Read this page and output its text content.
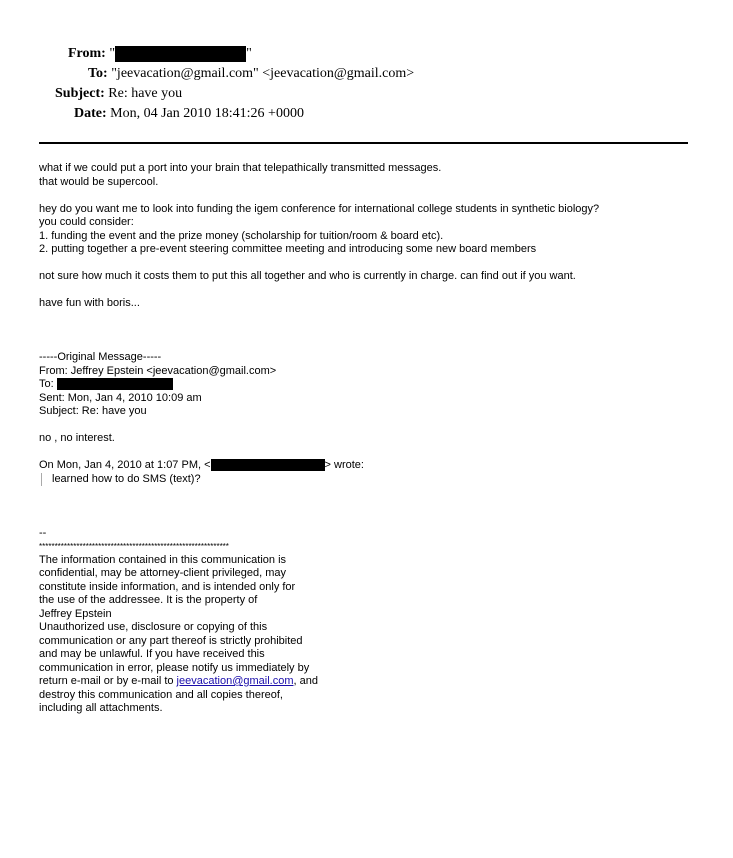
From: "	"
To: "jeevacation@gmail.com" <jeevacation@gmail.com>
Subject: Re: have you
Date: Mon, 04 Jan 2010 18:41:26 +0000

what if we could put a port into your brain that telepathically transmitted messages.

that would be supercool.

hey do you want me to look into funding the igem conference for international college students in synthetic biology?

you could consider:

1. funding the event and the prize money (scholarship for tuition/room & board etc).

2. putting together a pre-event steering committee meeting and introducing some new board members

not sure how much it costs them to put this all together and who is currently in charge. can find out if you want.

have fun with boris...

-----Original Message-----

From: Jeffrey Epstein <jeevacation@gmail.com>

To:

Sent: Mon, Jan 4, 2010 10:09 am

Subject: Re: have you

no , no interest.

On Mon, Jan 4, 2010 at 1:07 PM, <	> wrote:

learned how to do SMS (text)?

--

*************************************************************

The information contained in this communication is

confidential, may be attorney-client privileged, may

constitute inside information, and is intended only for

the use of the addressee. It is the property of

Jeffrey Epstein

Unauthorized use, disclosure or copying of this

communication or any part thereof is strictly prohibited

and may be unlawful. If you have received this

communication in error, please notify us immediately by

return e-mail or by e-mail to jeevacation@gmail.com, and

destroy this communication and all copies thereof,

including all attachments.
